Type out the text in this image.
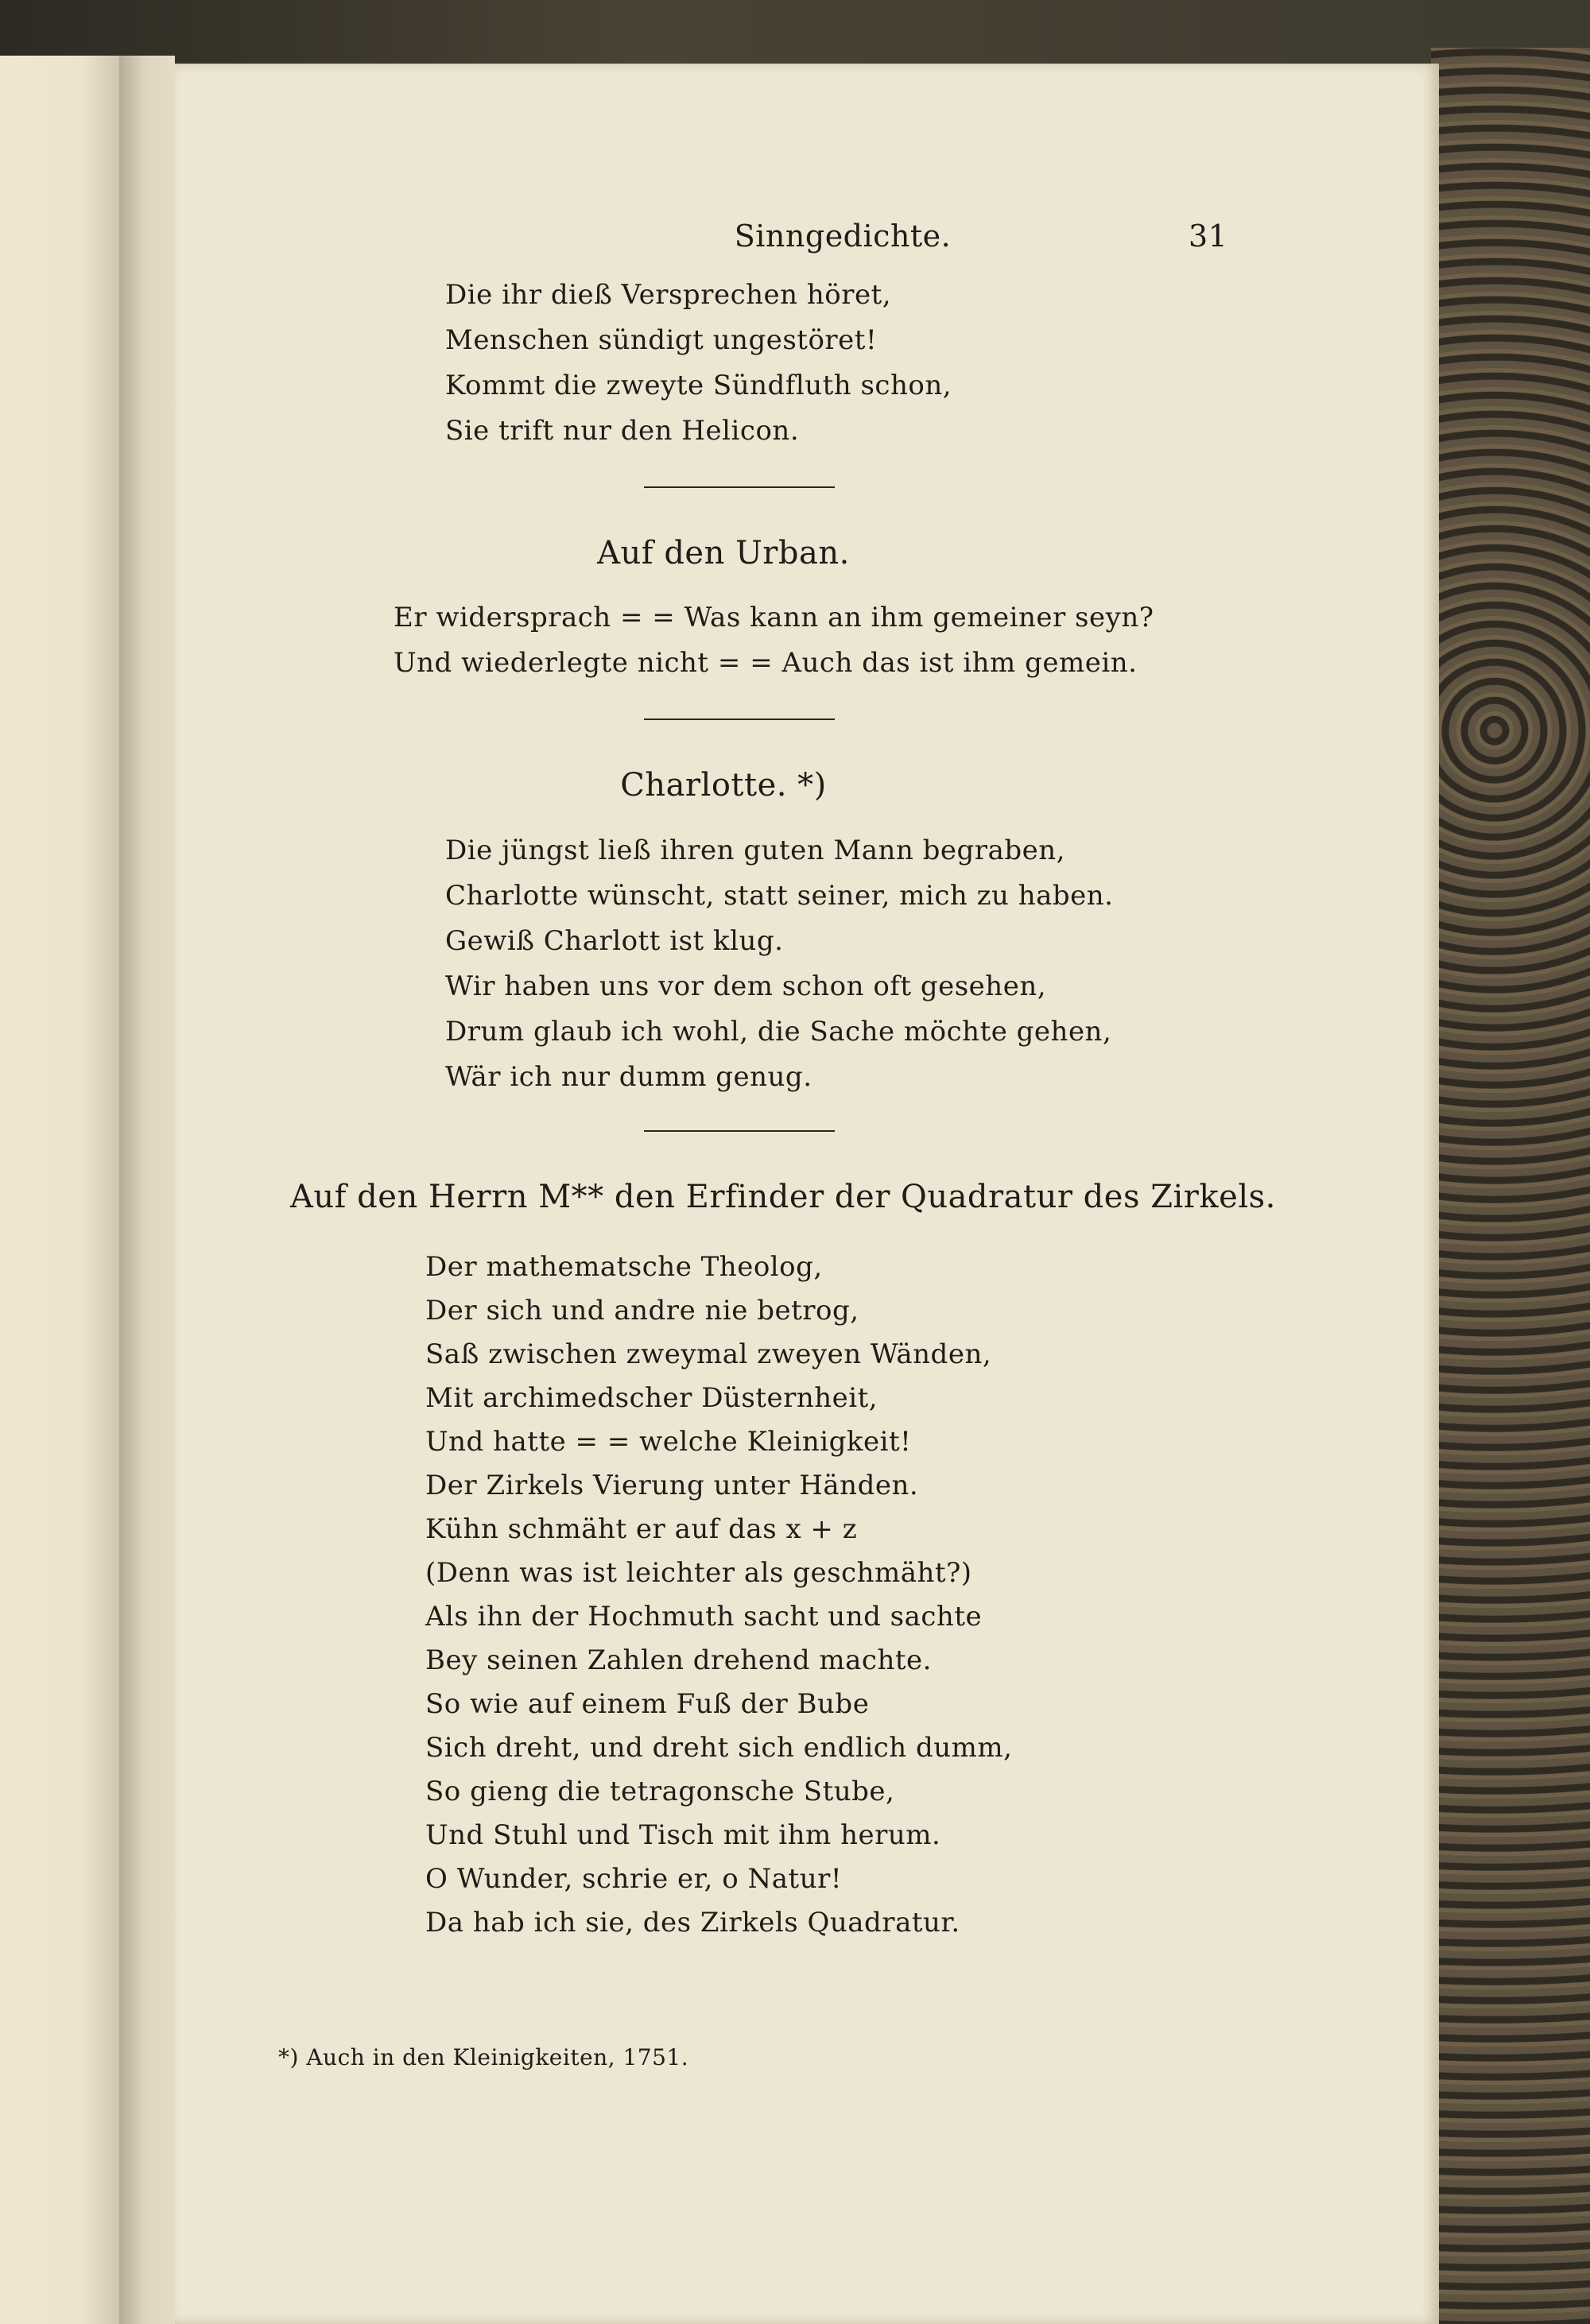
Sinngedichte.	31
Die ihr dieß Versprechen höret,
Menschen sündigt ungestöret!
Kommt die zweyte Sündfluth schon,
Sie trift nur den Helicon.
Auf den Urban.
Er widersprach = = Was kann an ihm gemeiner seyn?
Und wiederlegte nicht = = Auch das ist ihm gemein.
Charlotte. *)
Die jüngst ließ ihren guten Mann begraben,
Charlotte wünscht, statt seiner, mich zu haben.
Gewiß Charlott ist klug.
Wir haben uns vor dem schon oft gesehen,
Drum glaub ich wohl, die Sache möchte gehen,
Wär ich nur dumm genug.
Auf den Herrn M** den Erfinder der Quadratur des Zirkels.
Der mathematsche Theolog,
Der sich und andre nie betrog,
Saß zwischen zweymal zweyen Wänden,
Mit archimedscher Düsternheit,
Und hatte = = welche Kleinigkeit!
Der Zirkels Vierung unter Händen.
Kühn schmäht er auf das x + z
(Denn was ist leichter als geschmäht?)
Als ihn der Hochmuth sacht und sachte
Bey seinen Zahlen drehend machte.
So wie auf einem Fuß der Bube
Sich dreht, und dreht sich endlich dumm,
So gieng die tetragonsche Stube,
Und Stuhl und Tisch mit ihm herum.
O Wunder, schrie er, o Natur!
Da hab ich sie, des Zirkels Quadratur.
*) Auch in den Kleinigkeiten, 1751.
